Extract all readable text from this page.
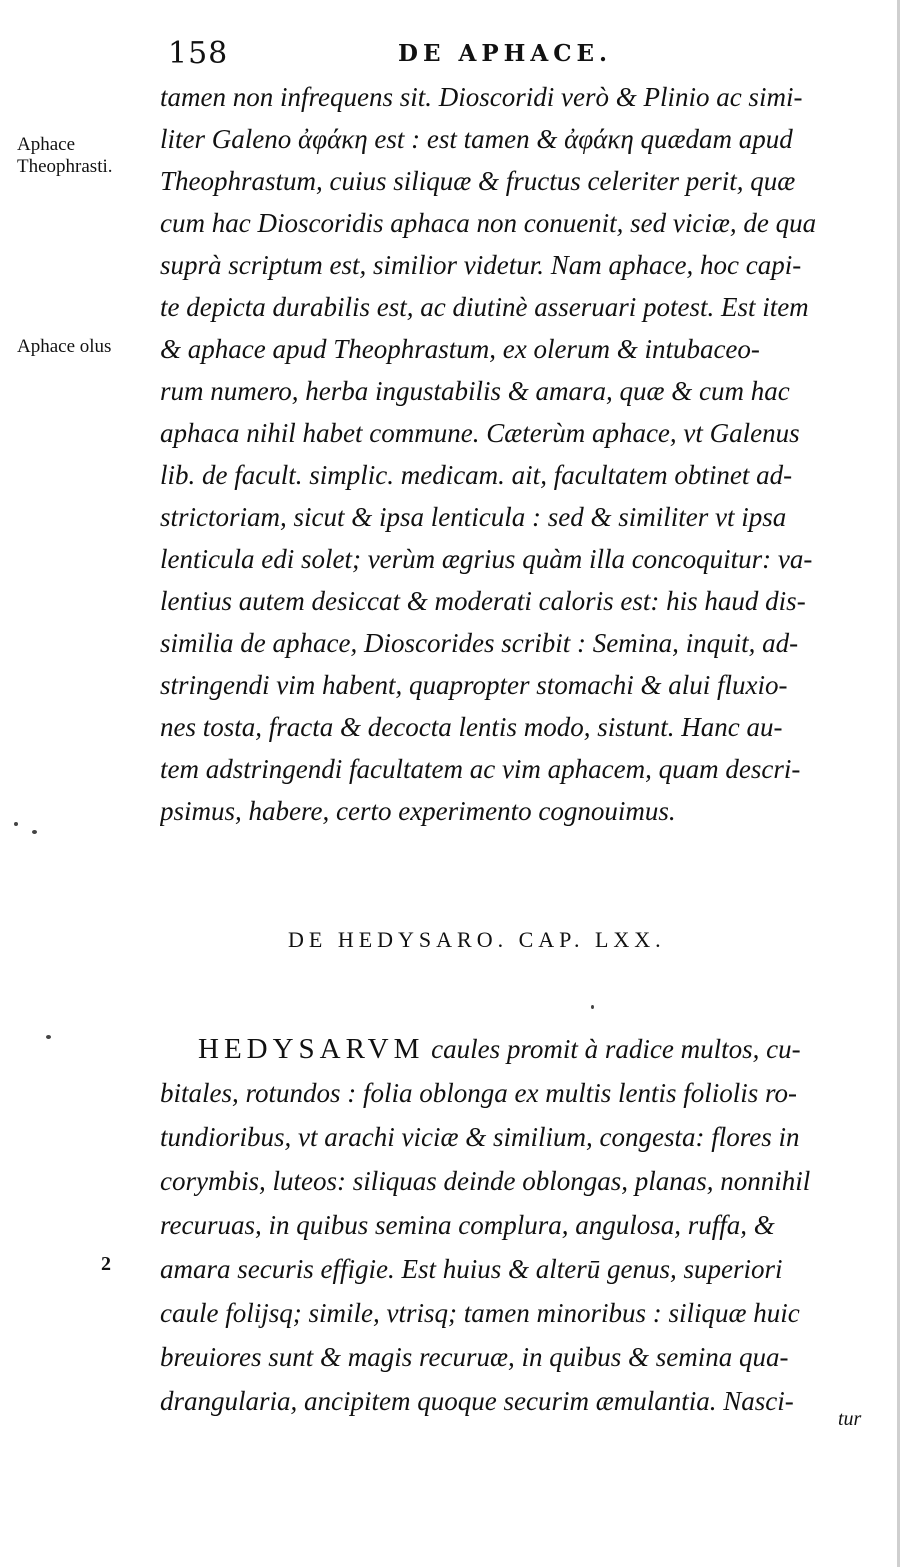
158	DE APHACE.
Aphace Theophrasti.
Aphace olus
tamen non infrequens sit. Dioscoridi verò & Plinio ac simi-
liter Galeno ἀφάκη est : est tamen & ἀφάκη quædam apud
Theophrastum, cuius siliquæ & fructus celeriter perit, quæ
cum hac Dioscoridis aphaca non conuenit, sed viciæ, de qua
suprà scriptum est, similior videtur. Nam aphace, hoc capi-
te depicta durabilis est, ac diutinè asseruari potest. Est item
& aphace apud Theophrastum, ex olerum & intubaceo-
rum numero, herba ingustabilis & amara, quæ & cum hac
aphaca nihil habet commune. Cæterùm aphace, vt Galenus
lib. de facult. simplic. medicam. ait, facultatem obtinet ad-
strictoriam, sicut & ipsa lenticula : sed & similiter vt ipsa
lenticula edi solet; verùm ægrius quàm illa concoquitur: va-
lentius autem desiccat & moderati caloris est: his haud dis-
similia de aphace, Dioscorides scribit : Semina, inquit, ad-
stringendi vim habent, quapropter stomachi & alui fluxio-
nes tosta, fracta & decocta lentis modo, sistunt. Hanc au-
tem adstringendi facultatem ac vim aphacem, quam descri-
psimus, habere, certo experimento cognouimus.
DE HEDYSARO. CAP. LXX.
HEDYSARVM caules promit à radice multos, cu-
bitales, rotundos : folia oblonga ex multis lentis foliolis ro-
tundioribus, vt arachi viciæ & similium, congesta: flores in
corymbis, luteos: siliquas deinde oblongas, planas, nonnihil
recuruas, in quibus semina complura, angulosa, ruffa, &
amara securis effigie. Est huius & alterū genus, superiori
caule folijsq; simile, vtrisq; tamen minoribus : siliquæ huic
breuiores sunt & magis recuruæ, in quibus & semina qua-
drangularia, ancipitem quoque securim æmulantia. Nasci-
2
tur
